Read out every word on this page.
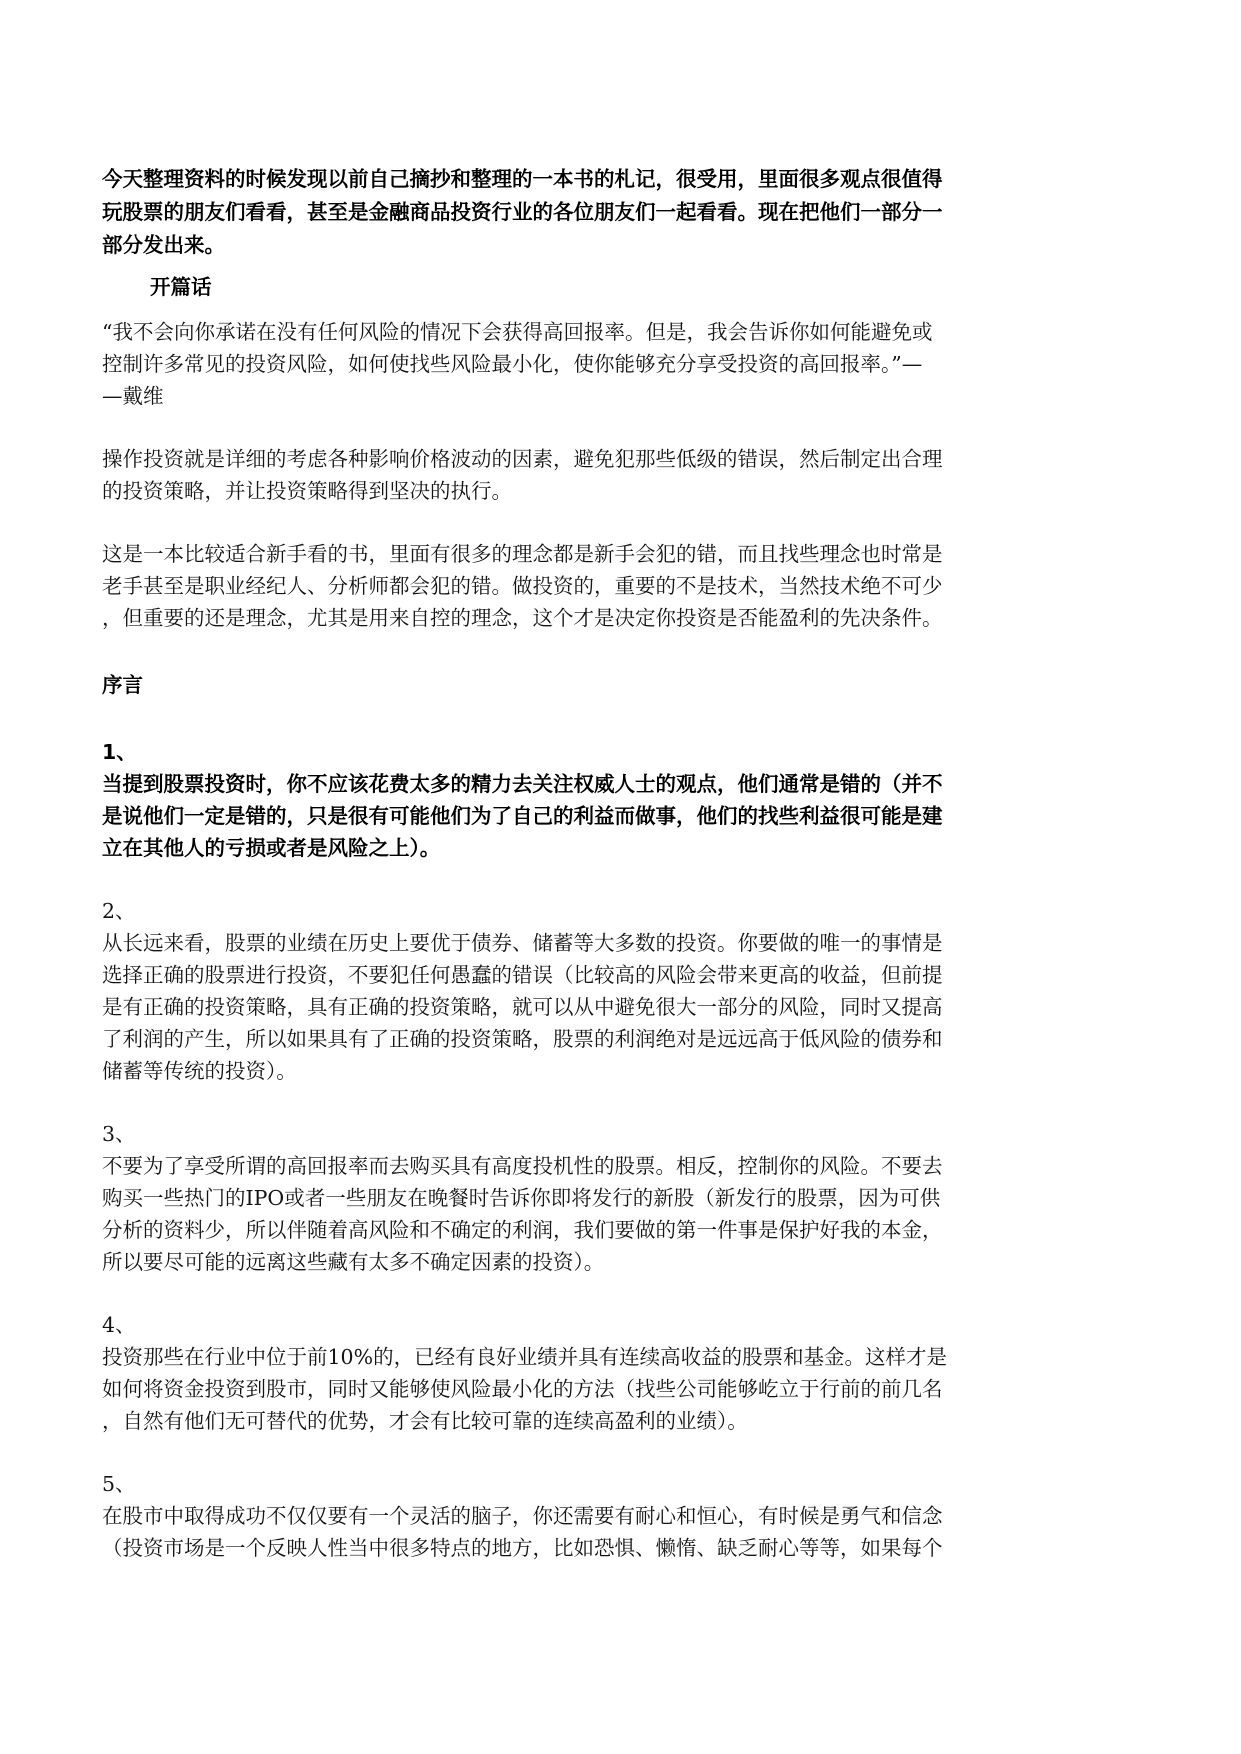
今天整理资料的时候发现以前自己摘抄和整理的一本书的札记，很受用，里面很多观点很值得

玩股票的朋友们看看，甚至是金融商品投资行业的各位朋友们一起看看。现在把他们一部分一

部分发出来。

开篇话

“我不会向你承诺在没有任何风险的情况下会获得高回报率。但是，我会告诉你如何能避免或

控制许多常见的投资风险，如何使找些风险最小化，使你能够充分享受投资的高回报率。”—

—戴维

操作投资就是详细的考虑各种影响价格波动的因素，避免犯那些低级的错误，然后制定出合理

的投资策略，并让投资策略得到坚决的执行。

这是一本比较适合新手看的书，里面有很多的理念都是新手会犯的错，而且找些理念也时常是

老手甚至是职业经纪人、分析师都会犯的错。做投资的，重要的不是技术，当然技术绝不可少

，但重要的还是理念，尤其是用来自控的理念，这个才是决定你投资是否能盈利的先决条件。

序言

1、

当提到股票投资时，你不应该花费太多的精力去关注权威人士的观点，他们通常是错的（并不

是说他们一定是错的，只是很有可能他们为了自己的利益而做事，他们的找些利益很可能是建

立在其他人的亏损或者是风险之上）。

2、

从长远来看，股票的业绩在历史上要优于债券、储蓄等大多数的投资。你要做的唯一的事情是

选择正确的股票进行投资，不要犯任何愚蠢的错误（比较高的风险会带来更高的收益，但前提

是有正确的投资策略，具有正确的投资策略，就可以从中避免很大一部分的风险，同时又提高

了利润的产生，所以如果具有了正确的投资策略，股票的利润绝对是远远高于低风险的债券和

储蓄等传统的投资）。

3、

不要为了享受所谓的高回报率而去购买具有高度投机性的股票。相反，控制你的风险。不要去

购买一些热门的IPO或者一些朋友在晚餐时告诉你即将发行的新股（新发行的股票，因为可供

分析的资料少，所以伴随着高风险和不确定的利润，我们要做的第一件事是保护好我的本金，

所以要尽可能的远离这些藏有太多不确定因素的投资）。

4、

投资那些在行业中位于前10%的，已经有良好业绩并具有连续高收益的股票和基金。这样才是

如何将资金投资到股市，同时又能够使风险最小化的方法（找些公司能够屹立于行前的前几名

，自然有他们无可替代的优势，才会有比较可靠的连续高盈利的业绩）。

5、

在股市中取得成功不仅仅要有一个灵活的脑子，你还需要有耐心和恒心，有时候是勇气和信念

（投资市场是一个反映人性当中很多特点的地方，比如恐惧、懒惰、缺乏耐心等等，如果每个
